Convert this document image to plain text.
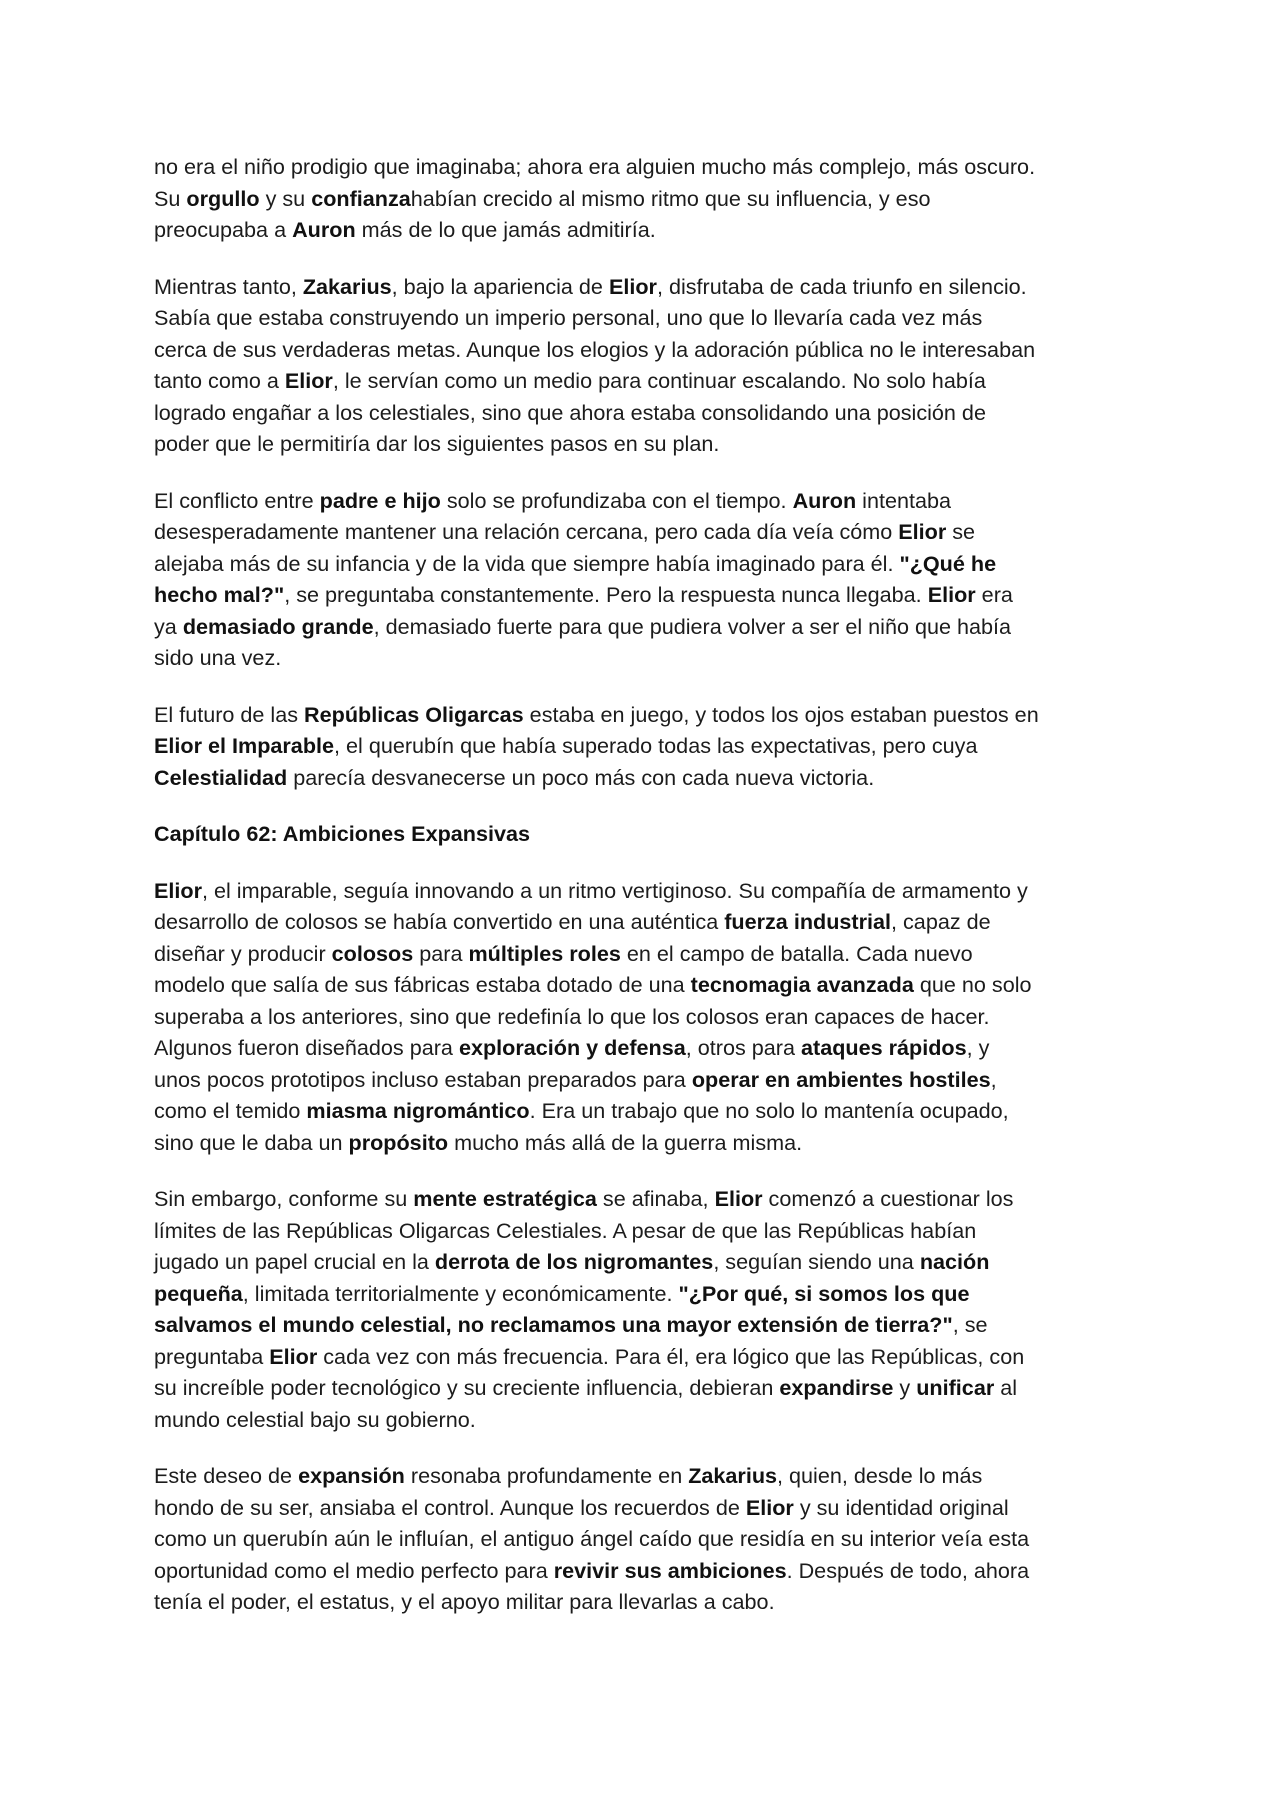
no era el niño prodigio que imaginaba; ahora era alguien mucho más complejo, más oscuro.
Su orgullo y su confianzahabían crecido al mismo ritmo que su influencia, y eso
preocupaba a Auron más de lo que jamás admitiría.

Mientras tanto, Zakarius, bajo la apariencia de Elior, disfrutaba de cada triunfo en silencio.
Sabía que estaba construyendo un imperio personal, uno que lo llevaría cada vez más
cerca de sus verdaderas metas. Aunque los elogios y la adoración pública no le interesaban
tanto como a Elior, le servían como un medio para continuar escalando. No solo había
logrado engañar a los celestiales, sino que ahora estaba consolidando una posición de
poder que le permitiría dar los siguientes pasos en su plan.

El conflicto entre padre e hijo solo se profundizaba con el tiempo. Auron intentaba
desesperadamente mantener una relación cercana, pero cada día veía cómo Elior se
alejaba más de su infancia y de la vida que siempre había imaginado para él. "¿Qué he
hecho mal?", se preguntaba constantemente. Pero la respuesta nunca llegaba. Elior era
ya demasiado grande, demasiado fuerte para que pudiera volver a ser el niño que había
sido una vez.

El futuro de las Repúblicas Oligarcas estaba en juego, y todos los ojos estaban puestos en
Elior el Imparable, el querubín que había superado todas las expectativas, pero cuya
Celestialidad parecía desvanecerse un poco más con cada nueva victoria.

Capítulo 62: Ambiciones Expansivas

Elior, el imparable, seguía innovando a un ritmo vertiginoso. Su compañía de armamento y
desarrollo de colosos se había convertido en una auténtica fuerza industrial, capaz de
diseñar y producir colosos para múltiples roles en el campo de batalla. Cada nuevo
modelo que salía de sus fábricas estaba dotado de una tecnomagia avanzada que no solo
superaba a los anteriores, sino que redefinía lo que los colosos eran capaces de hacer.
Algunos fueron diseñados para exploración y defensa, otros para ataques rápidos, y
unos pocos prototipos incluso estaban preparados para operar en ambientes hostiles,
como el temido miasma nigromántico. Era un trabajo que no solo lo mantenía ocupado,
sino que le daba un propósito mucho más allá de la guerra misma.

Sin embargo, conforme su mente estratégica se afinaba, Elior comenzó a cuestionar los
límites de las Repúblicas Oligarcas Celestiales. A pesar de que las Repúblicas habían
jugado un papel crucial en la derrota de los nigromantes, seguían siendo una nación
pequeña, limitada territorialmente y económicamente. "¿Por qué, si somos los que
salvamos el mundo celestial, no reclamamos una mayor extensión de tierra?", se
preguntaba Elior cada vez con más frecuencia. Para él, era lógico que las Repúblicas, con
su increíble poder tecnológico y su creciente influencia, debieran expandirse y unificar al
mundo celestial bajo su gobierno.

Este deseo de expansión resonaba profundamente en Zakarius, quien, desde lo más
hondo de su ser, ansiaba el control. Aunque los recuerdos de Elior y su identidad original
como un querubín aún le influían, el antiguo ángel caído que residía en su interior veía esta
oportunidad como el medio perfecto para revivir sus ambiciones. Después de todo, ahora
tenía el poder, el estatus, y el apoyo militar para llevarlas a cabo.
